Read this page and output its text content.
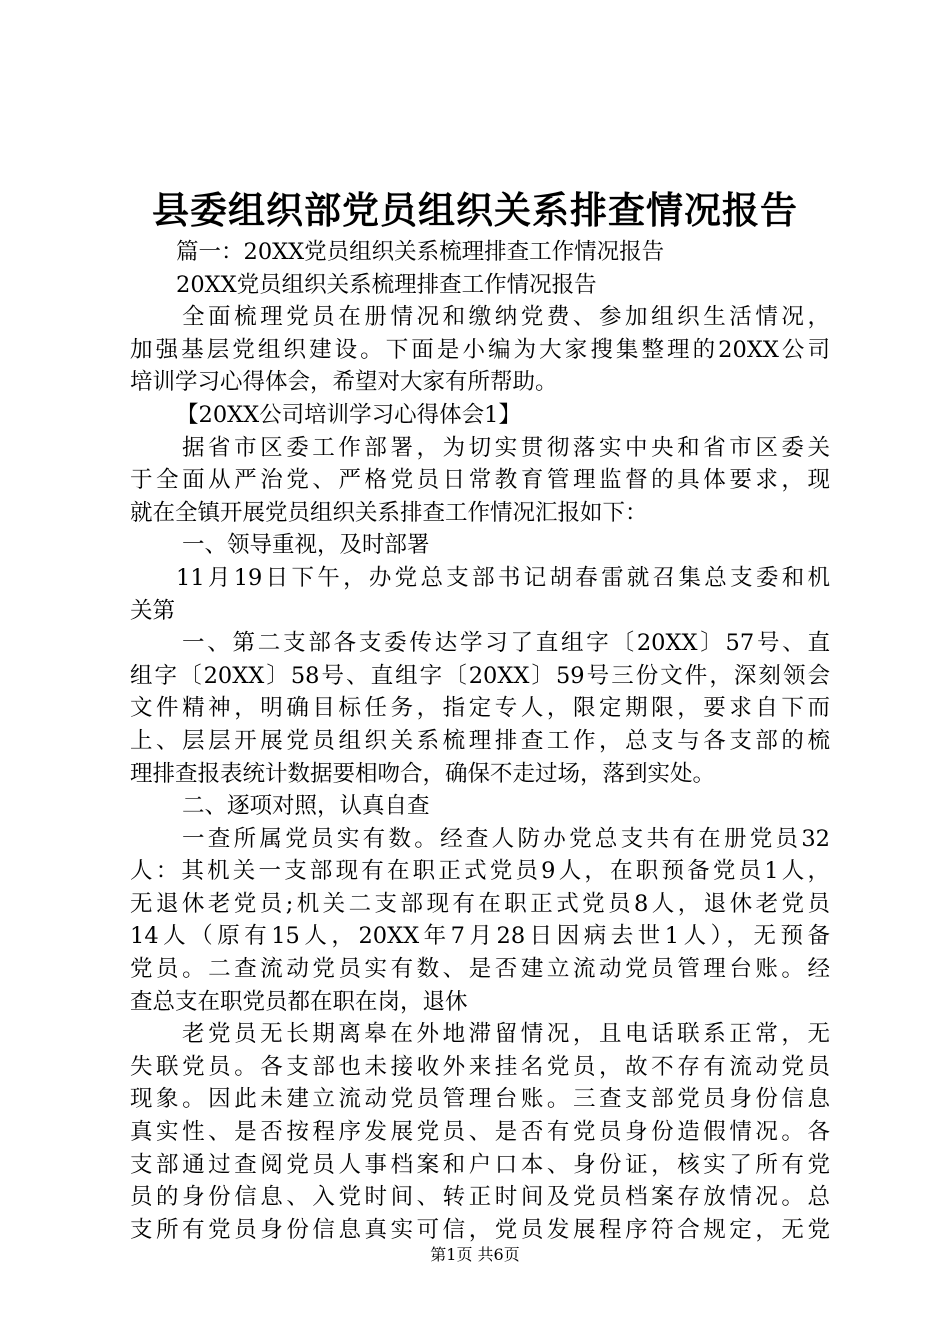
县委组织部党员组织关系排查情况报告
篇一：20XX党员组织关系梳理排查工作情况报告
20XX党员组织关系梳理排查工作情况报告
全面梳理党员在册情况和缴纳党费、参加组织生活情况，
加强基层党组织建设。下面是小编为大家搜集整理的20XX公司
培训学习心得体会，希望对大家有所帮助。
【20XX公司培训学习心得体会1】
据省市区委工作部署，为切实贯彻落实中央和省市区委关
于全面从严治党、严格党员日常教育管理监督的具体要求，现
就在全镇开展党员组织关系排查工作情况汇报如下：
一、领导重视，及时部署
11月19日下午，办党总支部书记胡春雷就召集总支委和机
关第
一、第二支部各支委传达学习了直组字〔20XX〕57号、直
组字〔20XX〕58号、直组字〔20XX〕59号三份文件，深刻领会
文件精神，明确目标任务，指定专人，限定期限，要求自下而
上、层层开展党员组织关系梳理排查工作，总支与各支部的梳
理排查报表统计数据要相吻合，确保不走过场，落到实处。
二、逐项对照，认真自查
一查所属党员实有数。经查人防办党总支共有在册党员32
人：其机关一支部现有在职正式党员9人，在职预备党员1人，
无退休老党员;机关二支部现有在职正式党员8人，退休老党员
14人（原有15人，20XX年7月28日因病去世1人），无预备
党员。二查流动党员实有数、是否建立流动党员管理台账。经
查总支在职党员都在职在岗，退休
老党员无长期离皋在外地滞留情况，且电话联系正常，无
失联党员。各支部也未接收外来挂名党员，故不存有流动党员
现象。因此未建立流动党员管理台账。三查支部党员身份信息
真实性、是否按程序发展党员、是否有党员身份造假情况。各
支部通过查阅党员人事档案和户口本、身份证，核实了所有党
员的身份信息、入党时间、转正时间及党员档案存放情况。总
支所有党员身份信息真实可信，党员发展程序符合规定，无党
第1页 共6页
